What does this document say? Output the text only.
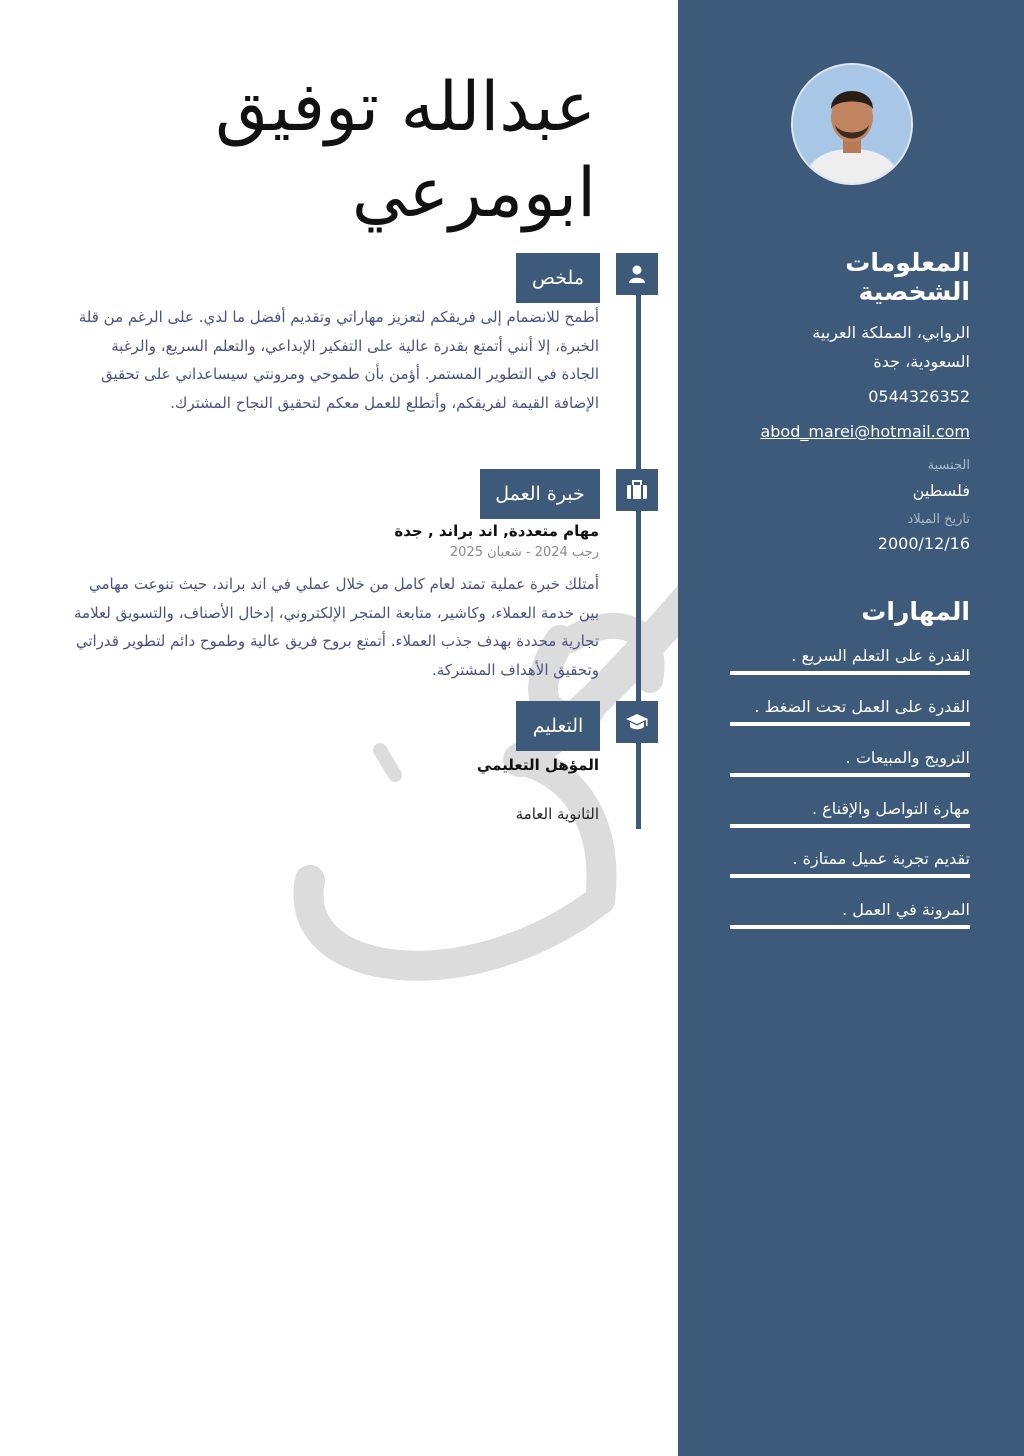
المعلومات
الشخصية
الروابي، المملكة العربية
السعودية، جدة
0544326352
abod_marei@hotmail.com
الجنسية
فلسطين
تاريخ الميلاد
2000/12/16
المهارات
القدرة على التعلم السريع .
القدرة على العمل تحت الضغط .
الترويج والمبيعات .
مهارة التواصل والإقناع .
تقديم تجربة عميل ممتازة .
المرونة في العمل .
عبدالله توفيق
ابومرعي
ملخص
خبرة العمل
التعليم
أطمح للانضمام إلى فريقكم لتعزيز مهاراتي وتقديم أفضل ما لدي. على الرغم من قلة الخبرة، إلا أنني أتمتع بقدرة عالية على التفكير الإبداعي، والتعلم السريع، والرغبة الجادة في التطوير المستمر. أؤمن بأن طموحي ومرونتي سيساعداني على تحقيق الإضافة القيمة لفريقكم، وأتطلع للعمل معكم لتحقيق النجاح المشترك.
مهام متعددة, اند براند , جدة
رجب 2024 - شعبان 2025
أمتلك خبرة عملية تمتد لعام كامل من خلال عملي في اند براند، حيث تنوعت مهامي بين خدمة العملاء، وكاشير، متابعة المتجر الإلكتروني، إدخال الأصناف، والتسويق لعلامة تجارية محددة بهدف جذب العملاء. أتمتع بروح فريق عالية وطموح دائم لتطوير قدراتي وتحقيق الأهداف المشتركة.
المؤهل التعليمي
الثانوية العامة
